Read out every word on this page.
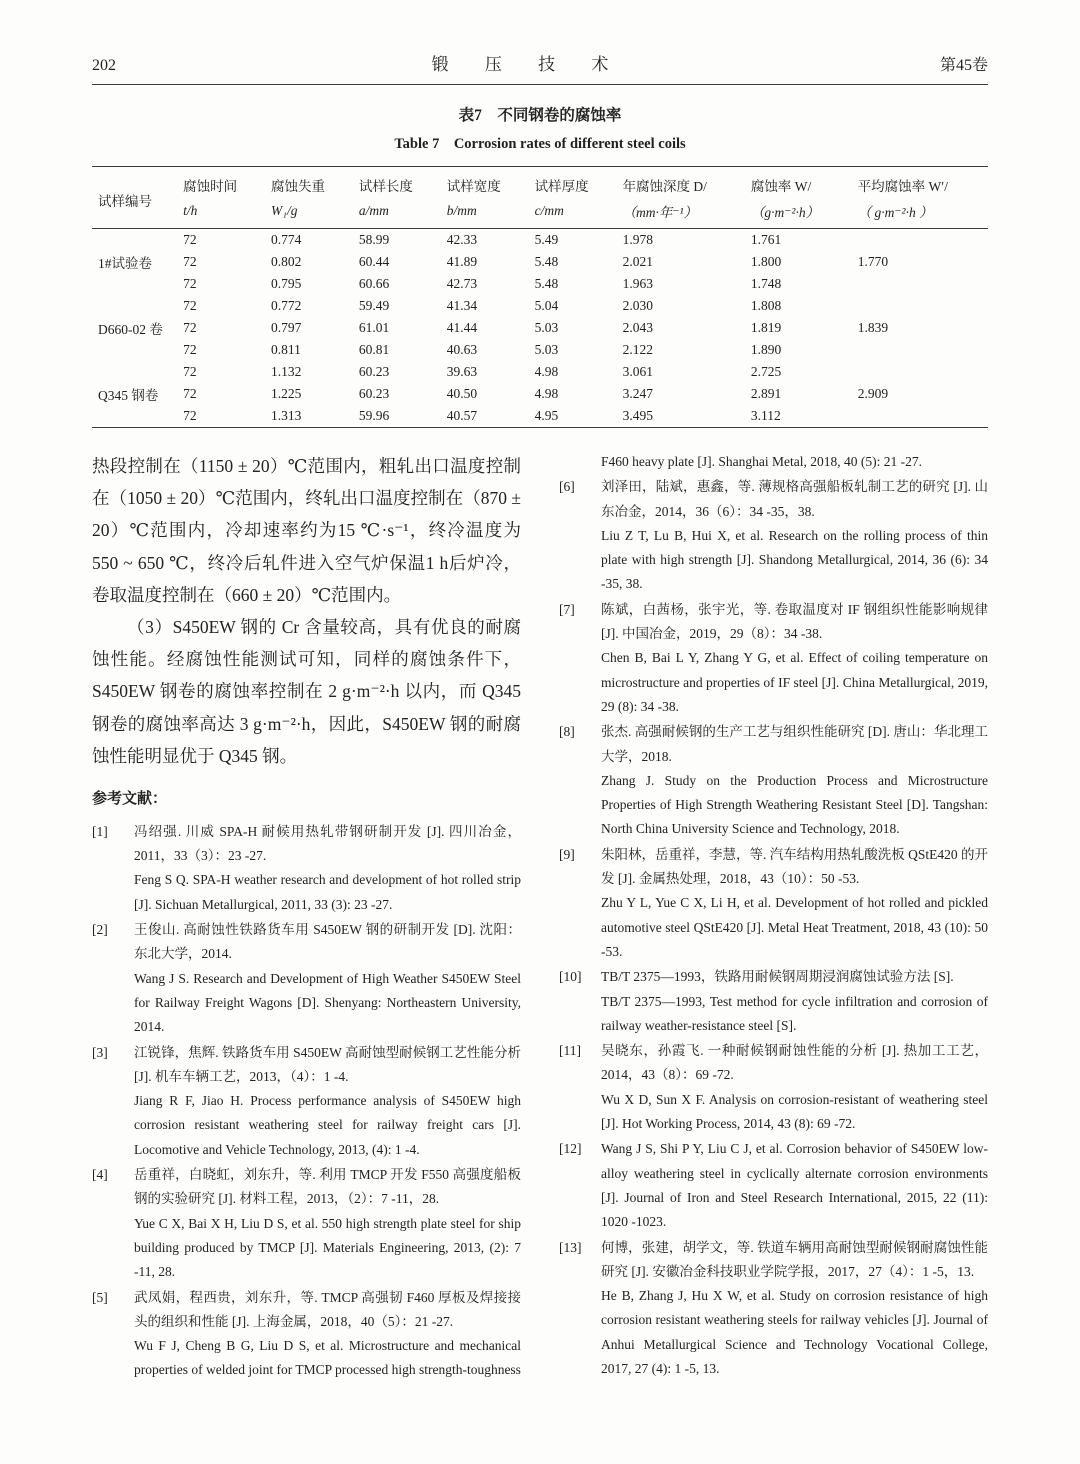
202	锻 压 技 术	第45卷
表7　不同钢卷的腐蚀率
Table 7　Corrosion rates of different steel coils
试样编号	腐蚀时间	腐蚀失重	试样长度	试样宽度	试样厚度	年腐蚀深度 D/	腐蚀率 W/	平均腐蚀率 W′/
	t/h	W₁/g	a/mm	b/mm	c/mm	（mm·年⁻¹）	（g·m⁻²·h）	（ g·m⁻²·h ）
1#试验卷	72	0.774	58.99	42.33	5.49	1.978	1.761	1.770
	72	0.802	60.44	41.89	5.48	2.021	1.800	
	72	0.795	60.66	42.73	5.48	1.963	1.748	
D660-02 卷	72	0.772	59.49	41.34	5.04	2.030	1.808	1.839
	72	0.797	61.01	41.44	5.03	2.043	1.819	
	72	0.811	60.81	40.63	5.03	2.122	1.890	
Q345 钢卷	72	1.132	60.23	39.63	4.98	3.061	2.725	2.909
	72	1.225	60.23	40.50	4.98	3.247	2.891	
	72	1.313	59.96	40.57	4.95	3.495	3.112	

热段控制在（1150 ± 20）℃范围内，粗轧出口温度控制在（1050 ± 20）℃范围内，终轧出口温度控制在（870 ± 20）℃范围内，冷却速率约为15 ℃·s⁻¹，终冷温度为 550 ~ 650 ℃，终冷后轧件进入空气炉保温1 h后炉冷，卷取温度控制在（660 ± 20）℃范围内。

（3）S450EW 钢的 Cr 含量较高，具有优良的耐腐蚀性能。经腐蚀性能测试可知，同样的腐蚀条件下，S450EW 钢卷的腐蚀率控制在 2 g·m⁻²·h 以内，而 Q345 钢卷的腐蚀率高达 3 g·m⁻²·h，因此，S450EW 钢的耐腐蚀性能明显优于 Q345 钢。

参考文献：
[1]	冯绍强. 川威 SPA-H 耐候用热轧带钢研制开发 [J]. 四川冶金，2011，33（3）：23 -27.

Feng S Q. SPA-H weather research and development of hot rolled strip [J]. Sichuan Metallurgical, 2011, 33 (3): 23 -27.

[2]	王俊山. 高耐蚀性铁路货车用 S450EW 钢的研制开发 [D]. 沈阳：东北大学，2014.

Wang J S. Research and Development of High Weather S450EW Steel for Railway Freight Wagons [D]. Shenyang: Northeastern University, 2014.

[3]	江锐锋，焦辉. 铁路货车用 S450EW 高耐蚀型耐候钢工艺性能分析 [J]. 机车车辆工艺，2013，（4）：1 -4.

Jiang R F, Jiao H. Process performance analysis of S450EW high corrosion resistant weathering steel for railway freight cars [J]. Locomotive and Vehicle Technology, 2013, (4): 1 -4.

[4]	岳重祥，白晓虹，刘东升，等. 利用 TMCP 开发 F550 高强度船板钢的实验研究 [J]. 材料工程，2013，（2）：7 -11，28.

Yue C X, Bai X H, Liu D S, et al. 550 high strength plate steel for ship building produced by TMCP [J]. Materials Engineering, 2013, (2): 7 -11, 28.

[5]	武凤娟，程西贵，刘东升，等. TMCP 高强韧 F460 厚板及焊接接头的组织和性能 [J]. 上海金属，2018，40（5）：21 -27.

Wu F J, Cheng B G, Liu D S, et al. Microstructure and mechanical properties of welded joint for TMCP processed high strength-toughness

F460 heavy plate [J]. Shanghai Metal, 2018, 40 (5): 21 -27.

[6]	刘泽田，陆斌，惠鑫，等. 薄规格高强船板轧制工艺的研究 [J]. 山东冶金，2014，36（6）：34 -35，38.

Liu Z T, Lu B, Hui X, et al. Research on the rolling process of thin plate with high strength [J]. Shandong Metallurgical, 2014, 36 (6): 34 -35, 38.

[7]	陈斌，白茜杨，张宇光，等. 卷取温度对 IF 钢组织性能影响规律 [J]. 中国冶金，2019，29（8）：34 -38.

Chen B, Bai L Y, Zhang Y G, et al. Effect of coiling temperature on microstructure and properties of IF steel [J]. China Metallurgical, 2019, 29 (8): 34 -38.

[8]	张杰. 高强耐候钢的生产工艺与组织性能研究 [D]. 唐山：华北理工大学，2018.

Zhang J. Study on the Production Process and Microstructure Properties of High Strength Weathering Resistant Steel [D]. Tangshan: North China University Science and Technology, 2018.

[9]	朱阳林，岳重祥，李慧，等. 汽车结构用热轧酸洗板 QStE420 的开发 [J]. 金属热处理，2018，43（10）：50 -53.

Zhu Y L, Yue C X, Li H, et al. Development of hot rolled and pickled automotive steel QStE420 [J]. Metal Heat Treatment, 2018, 43 (10): 50 -53.

[10]	TB/T 2375—1993，铁路用耐候钢周期浸润腐蚀试验方法 [S].

TB/T 2375—1993, Test method for cycle infiltration and corrosion of railway weather-resistance steel [S].

[11]	吴晓东，孙霞飞. 一种耐候钢耐蚀性能的分析 [J]. 热加工工艺，2014，43（8）：69 -72.

Wu X D, Sun X F. Analysis on corrosion-resistant of weathering steel [J]. Hot Working Process, 2014, 43 (8): 69 -72.

[12]	Wang J S, Shi P Y, Liu C J, et al. Corrosion behavior of S450EW low-alloy weathering steel in cyclically alternate corrosion environments [J]. Journal of Iron and Steel Research International, 2015, 22 (11): 1020 -1023.

[13]	何博，张建，胡学文，等. 铁道车辆用高耐蚀型耐候钢耐腐蚀性能研究 [J]. 安徽冶金科技职业学院学报，2017，27（4）：1 -5，13.

He B, Zhang J, Hu X W, et al. Study on corrosion resistance of high corrosion resistant weathering steels for railway vehicles [J]. Journal of Anhui Metallurgical Science and Technology Vocational College, 2017, 27 (4): 1 -5, 13.
